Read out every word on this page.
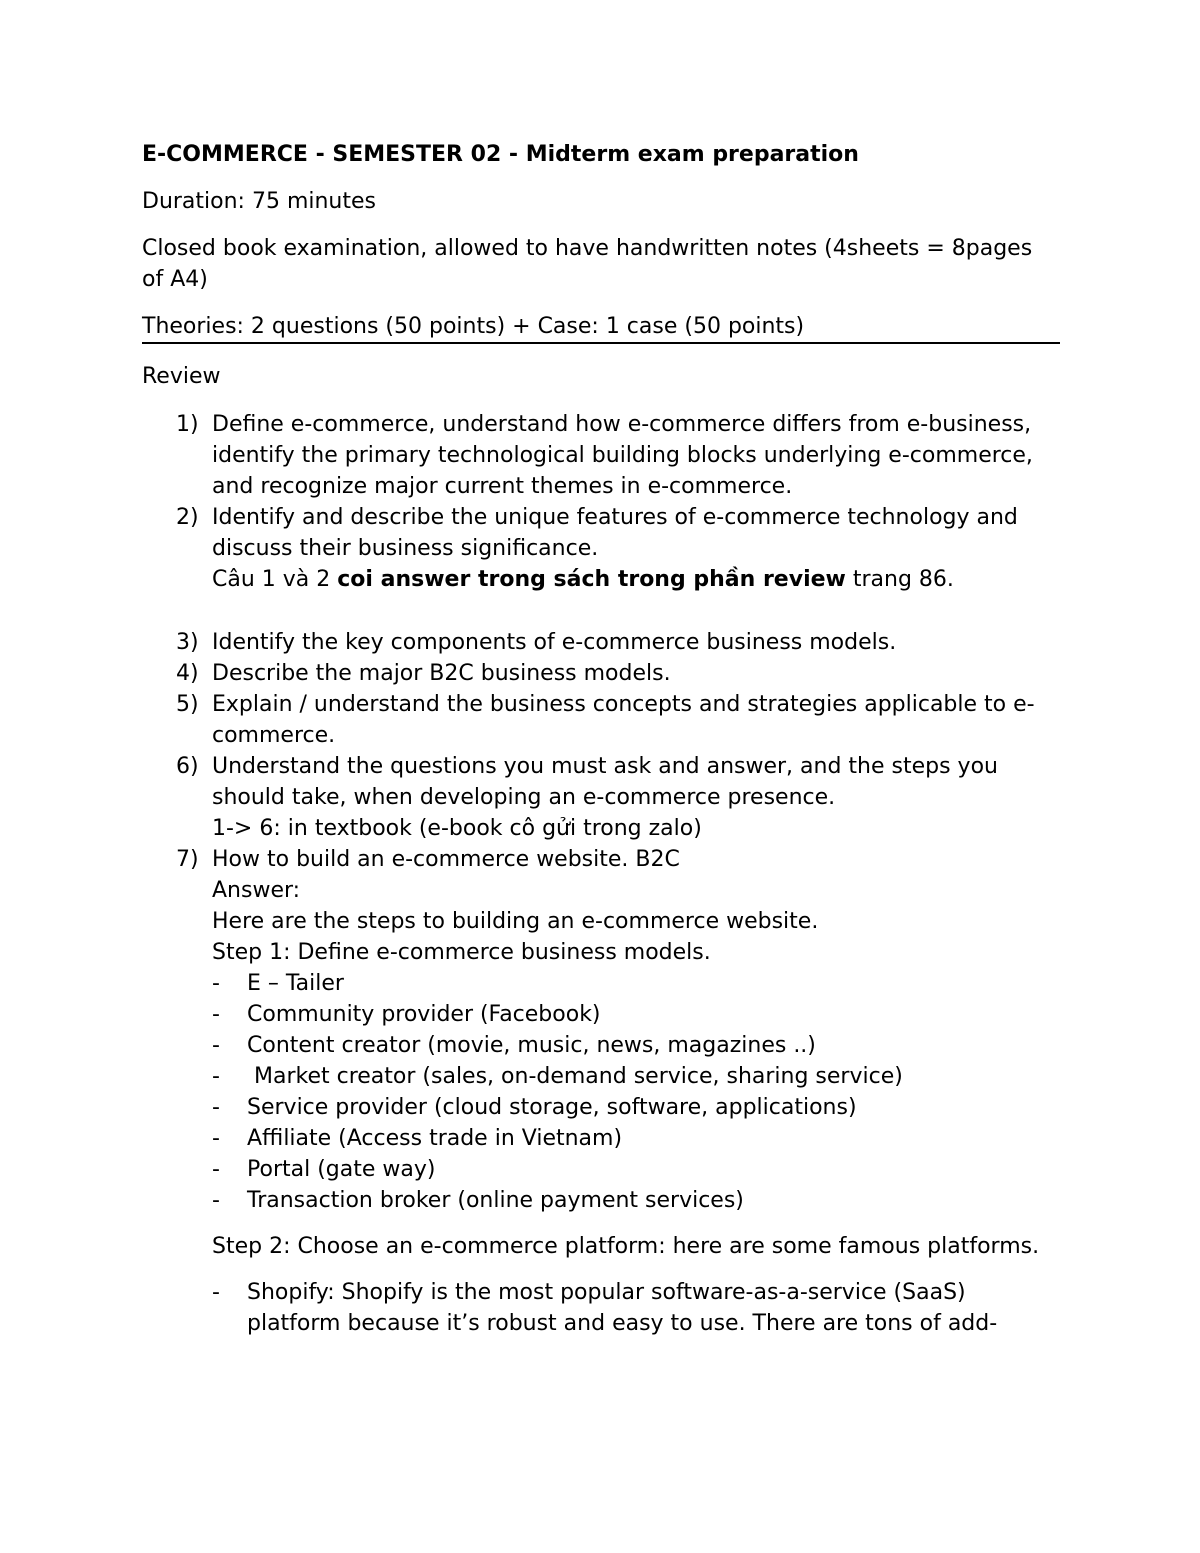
E-COMMERCE - SEMESTER 02 - Midterm exam preparation
Duration: 75 minutes
Closed book examination, allowed to have handwritten notes (4sheets = 8pages of A4)
Theories: 2 questions (50 points) + Case: 1 case (50 points)
Review
1) Define e-commerce, understand how e-commerce differs from e-business, identify the primary technological building blocks underlying e-commerce, and recognize major current themes in e-commerce.
2) Identify and describe the unique features of e-commerce technology and discuss their business significance.
Câu 1 và 2 coi answer trong sách trong phần review trang 86.
3) Identify the key components of e-commerce business models.
4) Describe the major B2C business models.
5) Explain / understand the business concepts and strategies applicable to e-commerce.
6) Understand the questions you must ask and answer, and the steps you should take, when developing an e-commerce presence.
1-> 6: in textbook (e-book cô gửi trong zalo)
7) How to build an e-commerce website. B2C
Answer:
Here are the steps to building an e-commerce website.
Step 1: Define e-commerce business models.
- E – Tailer
- Community provider (Facebook)
- Content creator (movie, music, news, magazines ..)
- Market creator (sales, on-demand service, sharing service)
- Service provider (cloud storage, software, applications)
- Affiliate (Access trade in Vietnam)
- Portal (gate way)
- Transaction broker (online payment services)
Step 2: Choose an e-commerce platform: here are some famous platforms.
- Shopify: Shopify is the most popular software-as-a-service (SaaS) platform because it’s robust and easy to use. There are tons of add-
